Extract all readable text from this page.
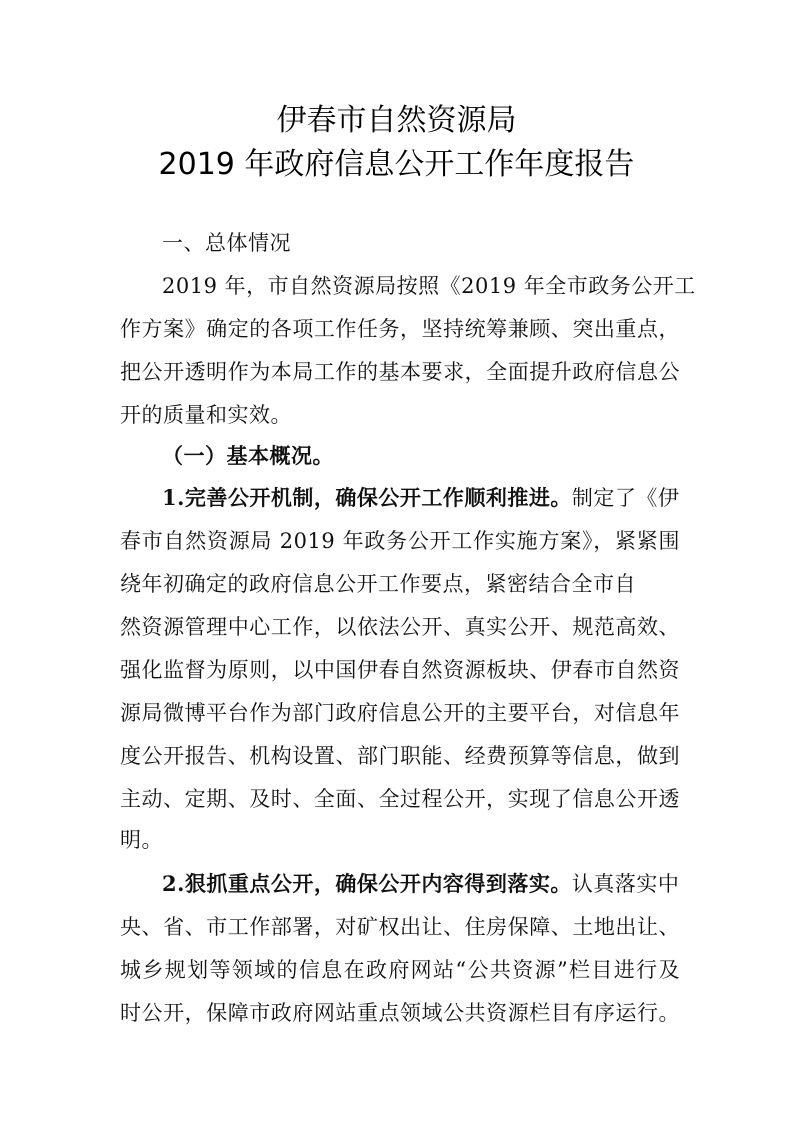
伊春市自然资源局
2019 年政府信息公开工作年度报告
一、总体情况
2019 年，市自然资源局按照《2019 年全市政务公开工
作方案》确定的各项工作任务，坚持统筹兼顾、突出重点，
把公开透明作为本局工作的基本要求，全面提升政府信息公
开的质量和实效。
（一）基本概况。
1.完善公开机制，确保公开工作顺利推进。制定了《伊
春市自然资源局 2019 年政务公开工作实施方案》，紧紧围
绕年初确定的政府信息公开工作要点，紧密结合全市自
然资源管理中心工作，以依法公开、真实公开、规范高效、
强化监督为原则，以中国伊春自然资源板块、伊春市自然资
源局微博平台作为部门政府信息公开的主要平台，对信息年
度公开报告、机构设置、部门职能、经费预算等信息，做到
主动、定期、及时、全面、全过程公开，实现了信息公开透
明。
2.狠抓重点公开，确保公开内容得到落实。认真落实中
央、省、市工作部署，对矿权出让、住房保障、土地出让、
城乡规划等领域的信息在政府网站“公共资源”栏目进行及
时公开，保障市政府网站重点领域公共资源栏目有序运行。
